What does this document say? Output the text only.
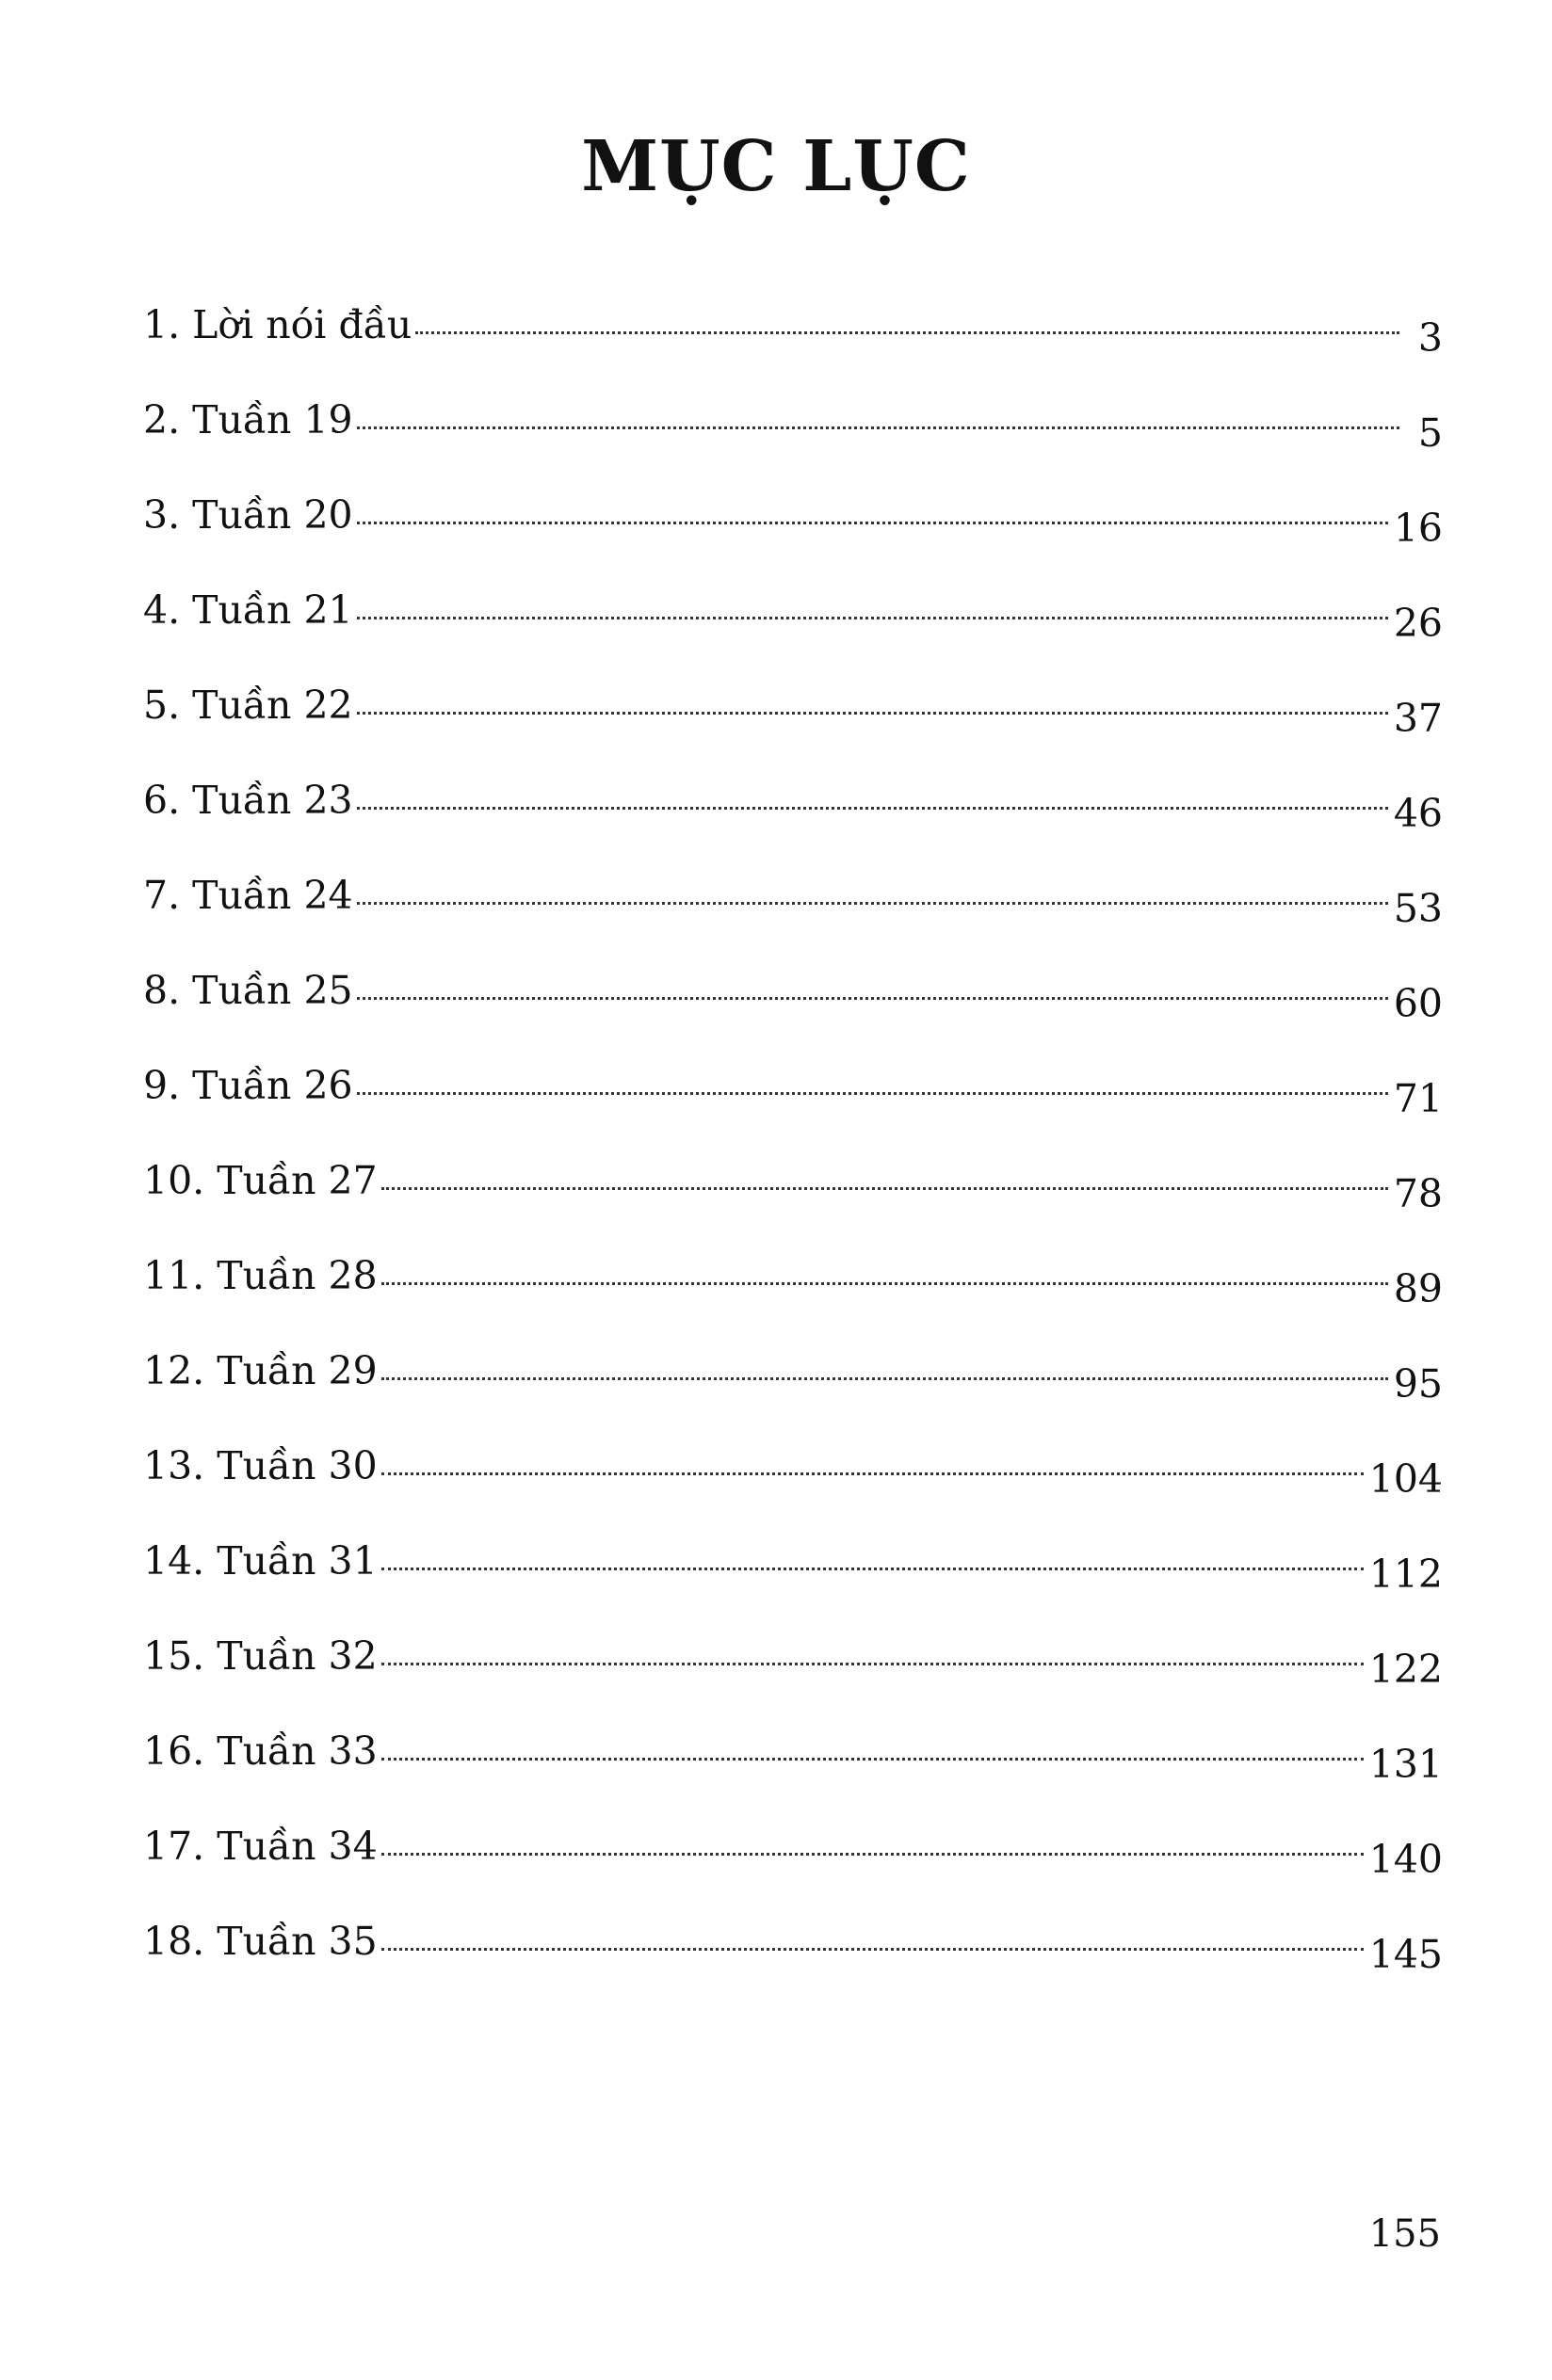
MỤC LỤC
1. Lời nói đầu	3
2. Tuần 19	5
3. Tuần 20	16
4. Tuần 21	26
5. Tuần 22	37
6. Tuần 23	46
7. Tuần 24	53
8. Tuần 25	60
9. Tuần 26	71
10. Tuần 27	78
11. Tuần 28	89
12. Tuần 29	95
13. Tuần 30	104
14. Tuần 31	112
15. Tuần 32	122
16. Tuần 33	131
17. Tuần 34	140
18. Tuần 35	145

155
